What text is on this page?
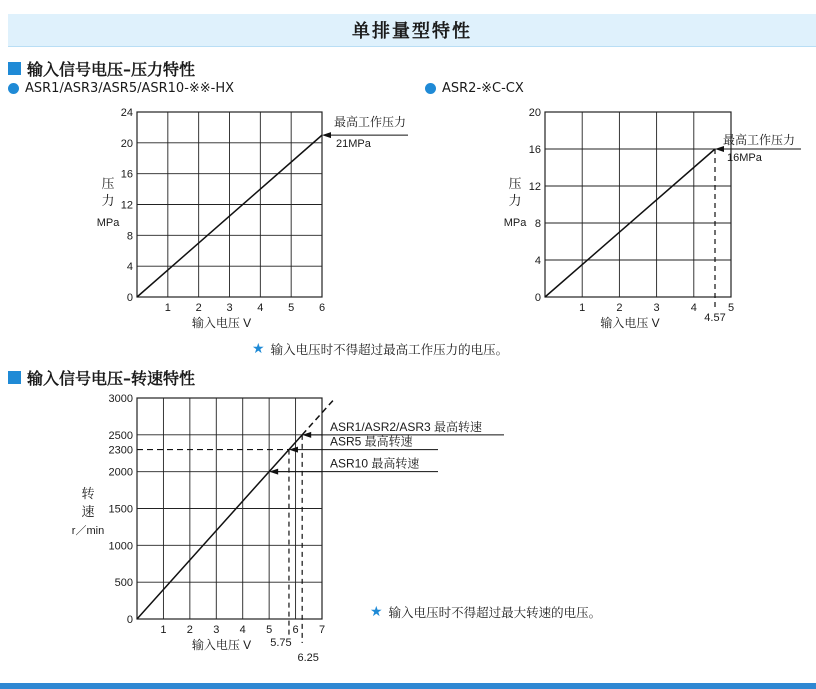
单排量型特性
输入信号电压–压力特性
ASR1/ASR3/ASR5/ASR10-※※-HX	ASR2-※C-CX
★ 输入电压时不得超过最高工作压力的电压。
输入信号电压–转速特性
★ 输入电压时不得超过最大转速的电压。
0
4
8
12
16
20
24
1 2 3 4 5 6
压
力
MPa
输入电压 V
最高工作压力
21MPa
0
4
8
12
16
20
1	2	3	4	5
压
力
MPa
输入电压 V	4.57
最高工作压力
16MPa
0
500
1000
1500
2000
2300
2500
3000
1 2 3 4 5 6 7
转
速
r／min
输入电压 V 5.75
6.25
ASR1/ASR2/ASR3 最高转速
ASR5 最高转速
ASR10 最高转速
